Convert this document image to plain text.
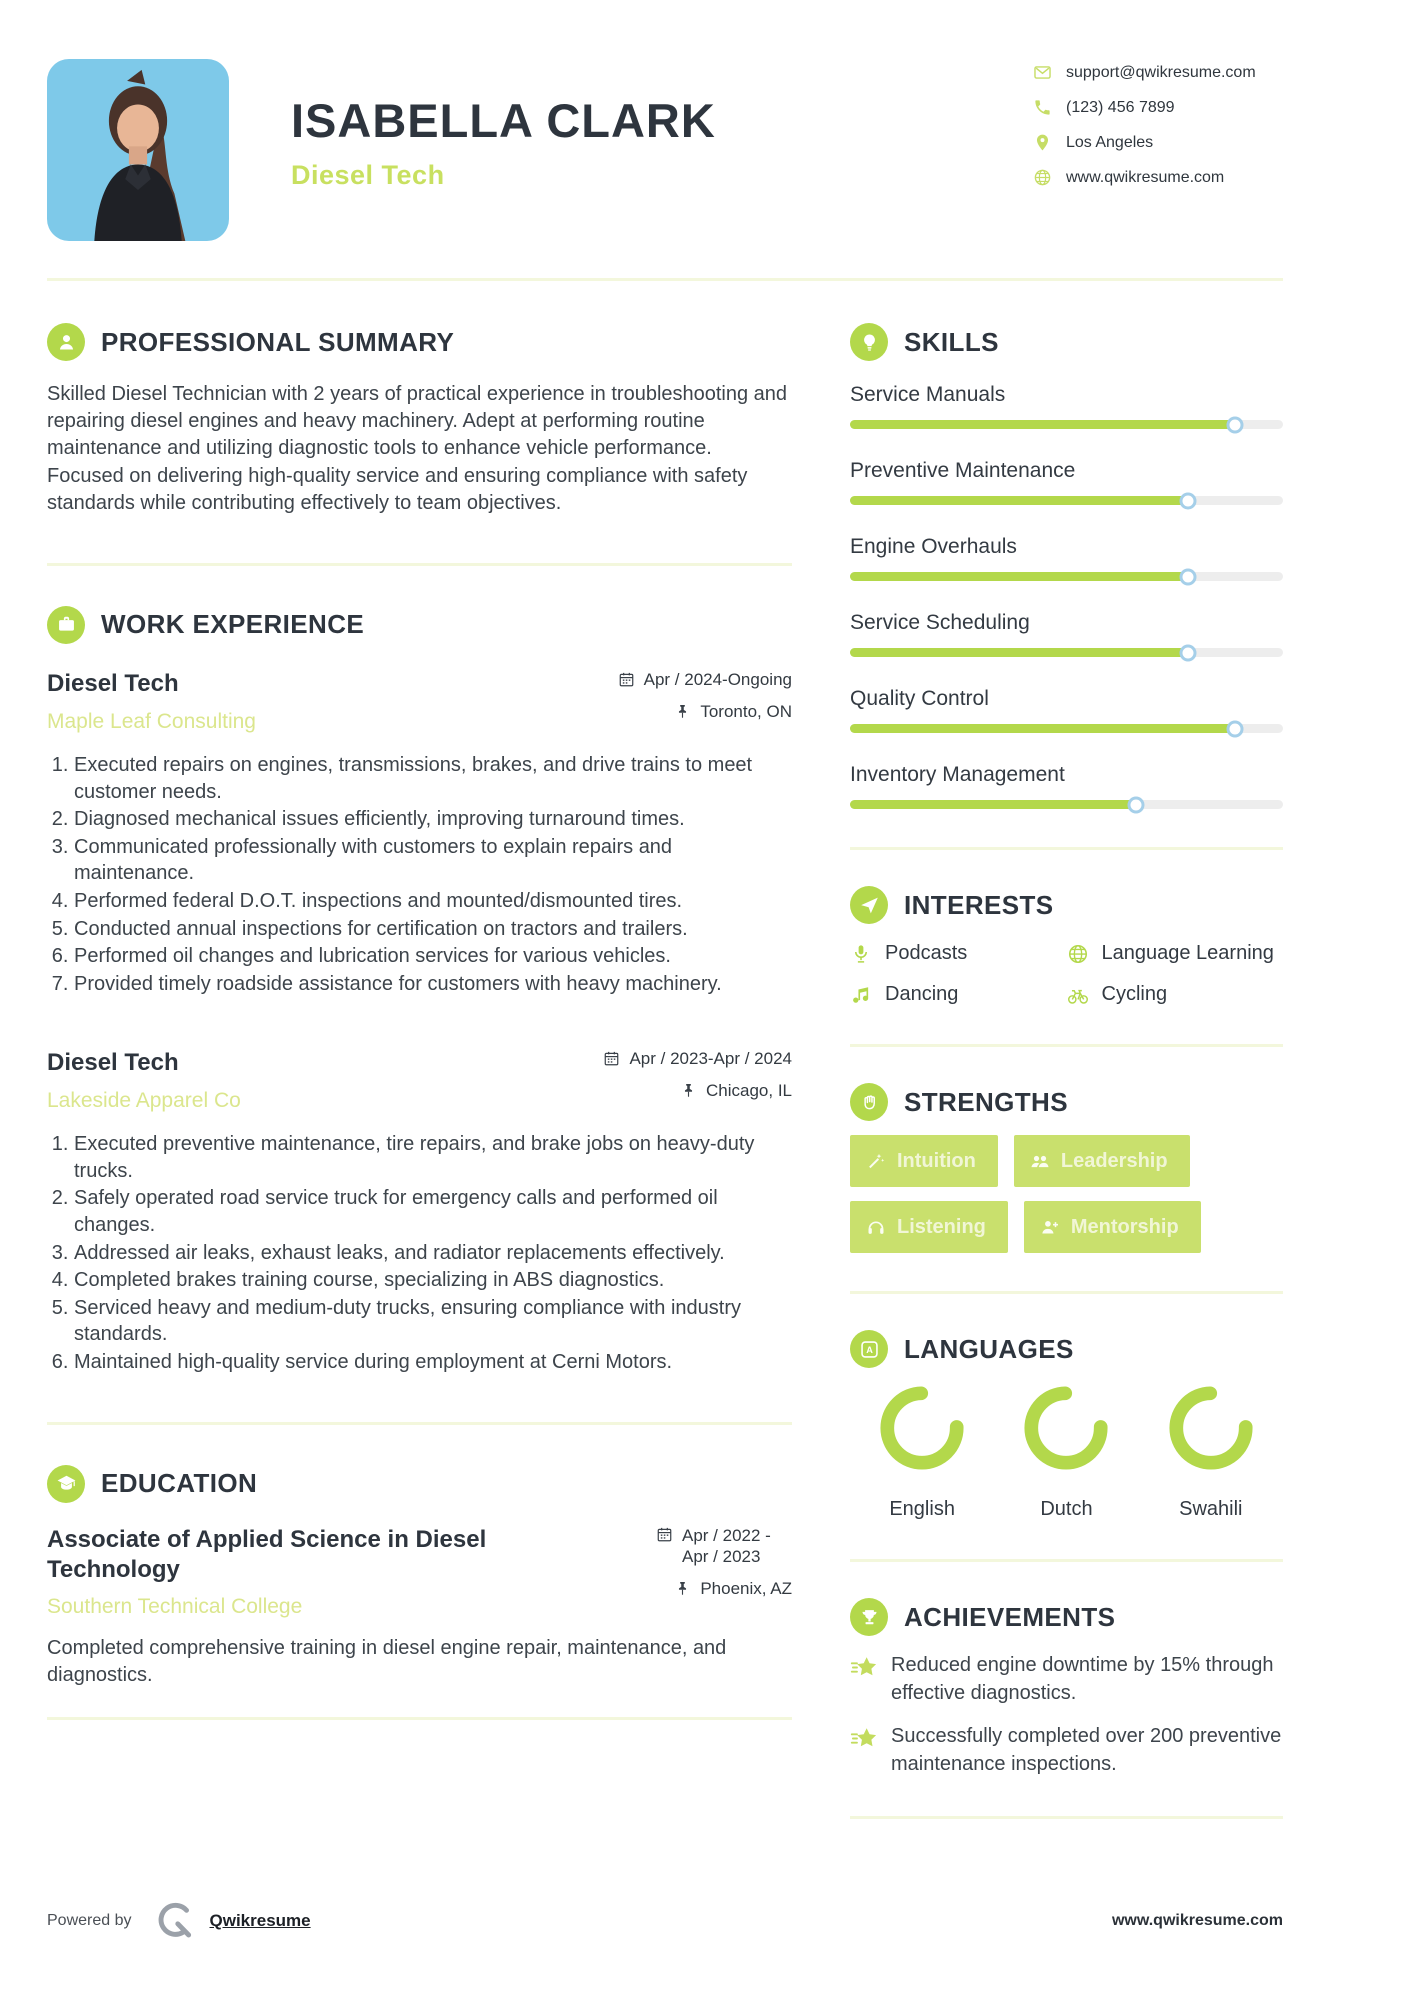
ISABELLA CLARK
Diesel Tech
support@qwikresume.com
(123) 456 7899
Los Angeles
www.qwikresume.com
PROFESSIONAL SUMMARY

Skilled Diesel Technician with 2 years of practical experience in troubleshooting and repairing diesel engines and heavy machinery. Adept at performing routine maintenance and utilizing diagnostic tools to enhance vehicle performance. Focused on delivering high-quality service and ensuring compliance with safety standards while contributing effectively to team objectives.

WORK EXPERIENCE
Diesel Tech
Maple Leaf Consulting
Apr / 2024-Ongoing
Toronto, ON
1. Executed repairs on engines, transmissions, brakes, and drive trains to meet customer needs.
2. Diagnosed mechanical issues efficiently, improving turnaround times.
3. Communicated professionally with customers to explain repairs and maintenance.
4. Performed federal D.O.T. inspections and mounted/dismounted tires.
5. Conducted annual inspections for certification on tractors and trailers.
6. Performed oil changes and lubrication services for various vehicles.
7. Provided timely roadside assistance for customers with heavy machinery.
Diesel Tech
Lakeside Apparel Co
Apr / 2023-Apr / 2024
Chicago, IL
1. Executed preventive maintenance, tire repairs, and brake jobs on heavy-duty trucks.
2. Safely operated road service truck for emergency calls and performed oil changes.
3. Addressed air leaks, exhaust leaks, and radiator replacements effectively.
4. Completed brakes training course, specializing in ABS diagnostics.
5. Serviced heavy and medium-duty trucks, ensuring compliance with industry standards.
6. Maintained high-quality service during employment at Cerni Motors.
EDUCATION
Associate of Applied Science in Diesel Technology
Southern Technical College
Apr / 2022 - Apr / 2023
Phoenix, AZ

Completed comprehensive training in diesel engine repair, maintenance, and diagnostics.

SKILLS
Service Manuals
Preventive Maintenance
Engine Overhauls
Service Scheduling
Quality Control
Inventory Management
INTERESTS
Podcasts	Language Learning
Dancing	Cycling
STRENGTHS
Intuition	Leadership
Listening	Mentorship
A LANGUAGES
English	Dutch	Swahili
ACHIEVEMENTS
Reduced engine downtime by 15% through effective diagnostics.
Successfully completed over 200 preventive maintenance inspections.
Powered by	Qwikresume	www.qwikresume.com
